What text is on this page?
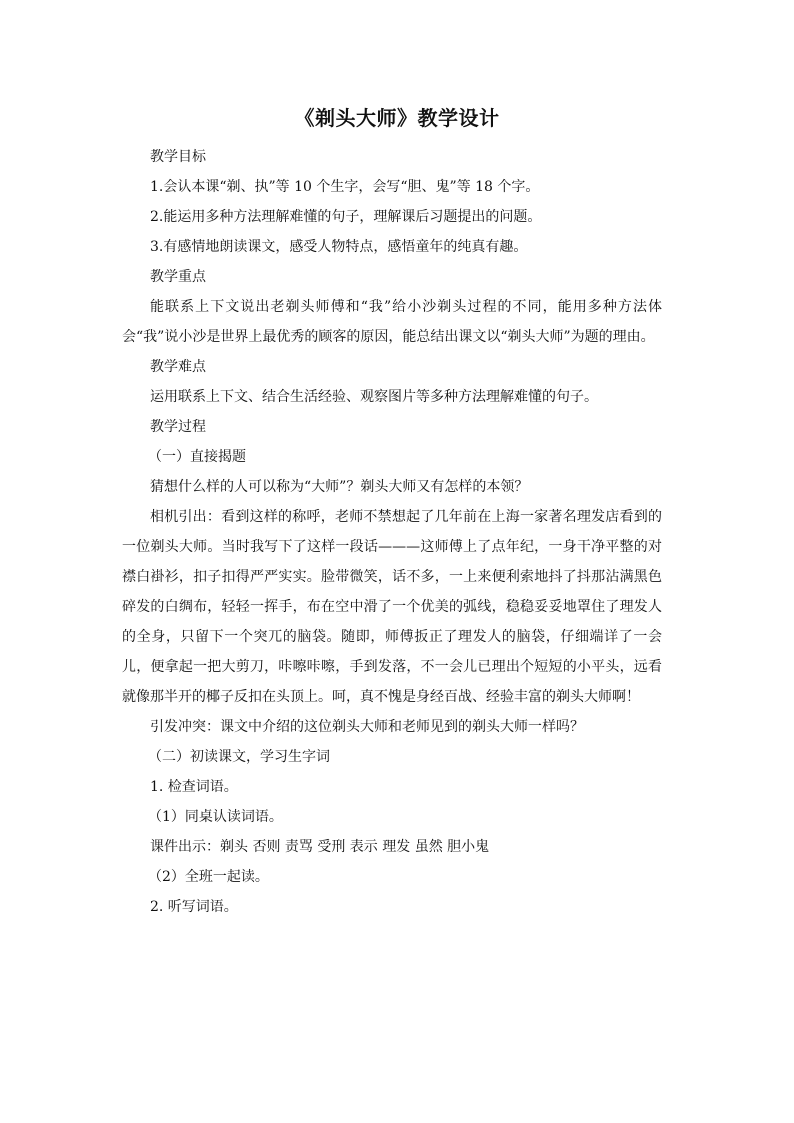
《剃头大师》教学设计

教学目标

1.会认本课“剃、执”等 10 个生字，会写“胆、鬼”等 18 个字。

2.能运用多种方法理解难懂的句子，理解课后习题提出的问题。

3.有感情地朗读课文，感受人物特点，感悟童年的纯真有趣。

教学重点

能联系上下文说出老剃头师傅和“我”给小沙剃头过程的不同，能用多种方法体会“我”说小沙是世界上最优秀的顾客的原因，能总结出课文以“剃头大师”为题的理由。

教学难点

运用联系上下文、结合生活经验、观察图片等多种方法理解难懂的句子。

教学过程

（一）直接揭题

猜想什么样的人可以称为“大师”？剃头大师又有怎样的本领？

相机引出：看到这样的称呼，老师不禁想起了几年前在上海一家著名理发店看到的一位剃头大师。当时我写下了这样一段话———这师傅上了点年纪，一身干净平整的对襟白褂衫，扣子扣得严严实实。脸带微笑，话不多，一上来便利索地抖了抖那沾满黑色碎发的白绸布，轻轻一挥手，布在空中滑了一个优美的弧线，稳稳妥妥地罩住了理发人的全身，只留下一个突兀的脑袋。随即，师傅扳正了理发人的脑袋，仔细端详了一会儿，便拿起一把大剪刀，咔嚓咔嚓，手到发落，不一会儿已理出个短短的小平头，远看就像那半开的椰子反扣在头顶上。呵，真不愧是身经百战、经验丰富的剃头大师啊！

引发冲突：课文中介绍的这位剃头大师和老师见到的剃头大师一样吗？

（二）初读课文，学习生字词

1. 检查词语。

（1）同桌认读词语。

课件出示：剃头 否则 责骂 受刑 表示 理发 虽然 胆小鬼

（2）全班一起读。

2. 听写词语。
